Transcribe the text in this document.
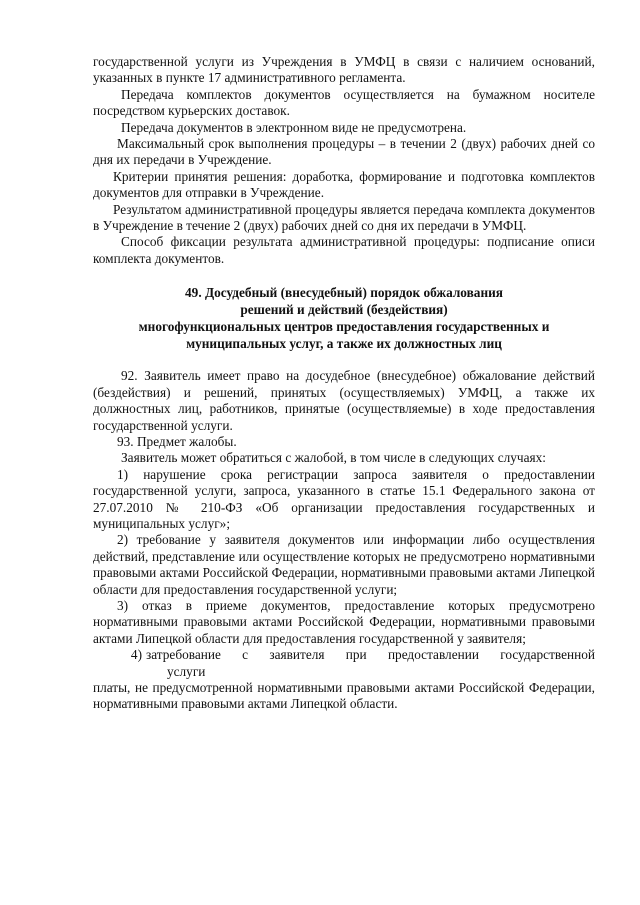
государственной услуги из Учреждения в УМФЦ в связи с наличием оснований, указанных в пункте 17 административного регламента.

Передача комплектов документов осуществляется на бумажном носителе посредством курьерских доставок.

Передача документов в электронном виде не предусмотрена.

Максимальный срок выполнения процедуры – в течении 2 (двух) рабочих дней со дня их передачи в Учреждение.

Критерии принятия решения: доработка, формирование и подготовка комплектов документов для отправки в Учреждение.

Результатом административной процедуры является передача комплекта документов в Учреждение в течение 2 (двух) рабочих дней со дня их передачи в УМФЦ.

Способ фиксации результата административной процедуры: подписание описи комплекта документов.

49. Досудебный (внесудебный) порядок обжалования
решений и действий (бездействия)
многофункциональных центров предоставления государственных и
муниципальных услуг, а также их должностных лиц

92. Заявитель имеет право на досудебное (внесудебное) обжалование действий (бездействия) и решений, принятых (осуществляемых) УМФЦ, а также их должностных лиц, работников, принятые (осуществляемые) в ходе предоставления государственной услуги.

93. Предмет жалобы.

Заявитель может обратиться с жалобой, в том числе в следующих случаях:

1) нарушение срока регистрации запроса заявителя о предоставлении государственной услуги, запроса, указанного в статье 15.1 Федерального закона от 27.07.2010 № 210-ФЗ «Об организации предоставления государственных и муниципальных услуг»;

2) требование у заявителя документов или информации либо осуществления действий, представление или осуществление которых не предусмотрено нормативными правовыми актами Российской Федерации, нормативными правовыми актами Липецкой области для предоставления государственной услуги;

3) отказ в приеме документов, предоставление которых предусмотрено нормативными правовыми актами Российской Федерации, нормативными правовыми актами Липецкой области для предоставления государственной у заявителя;

4) затребование с заявителя при предоставлении государственной
услуги

платы, не предусмотренной нормативными правовыми актами Российской Федерации, нормативными правовыми актами Липецкой области.
